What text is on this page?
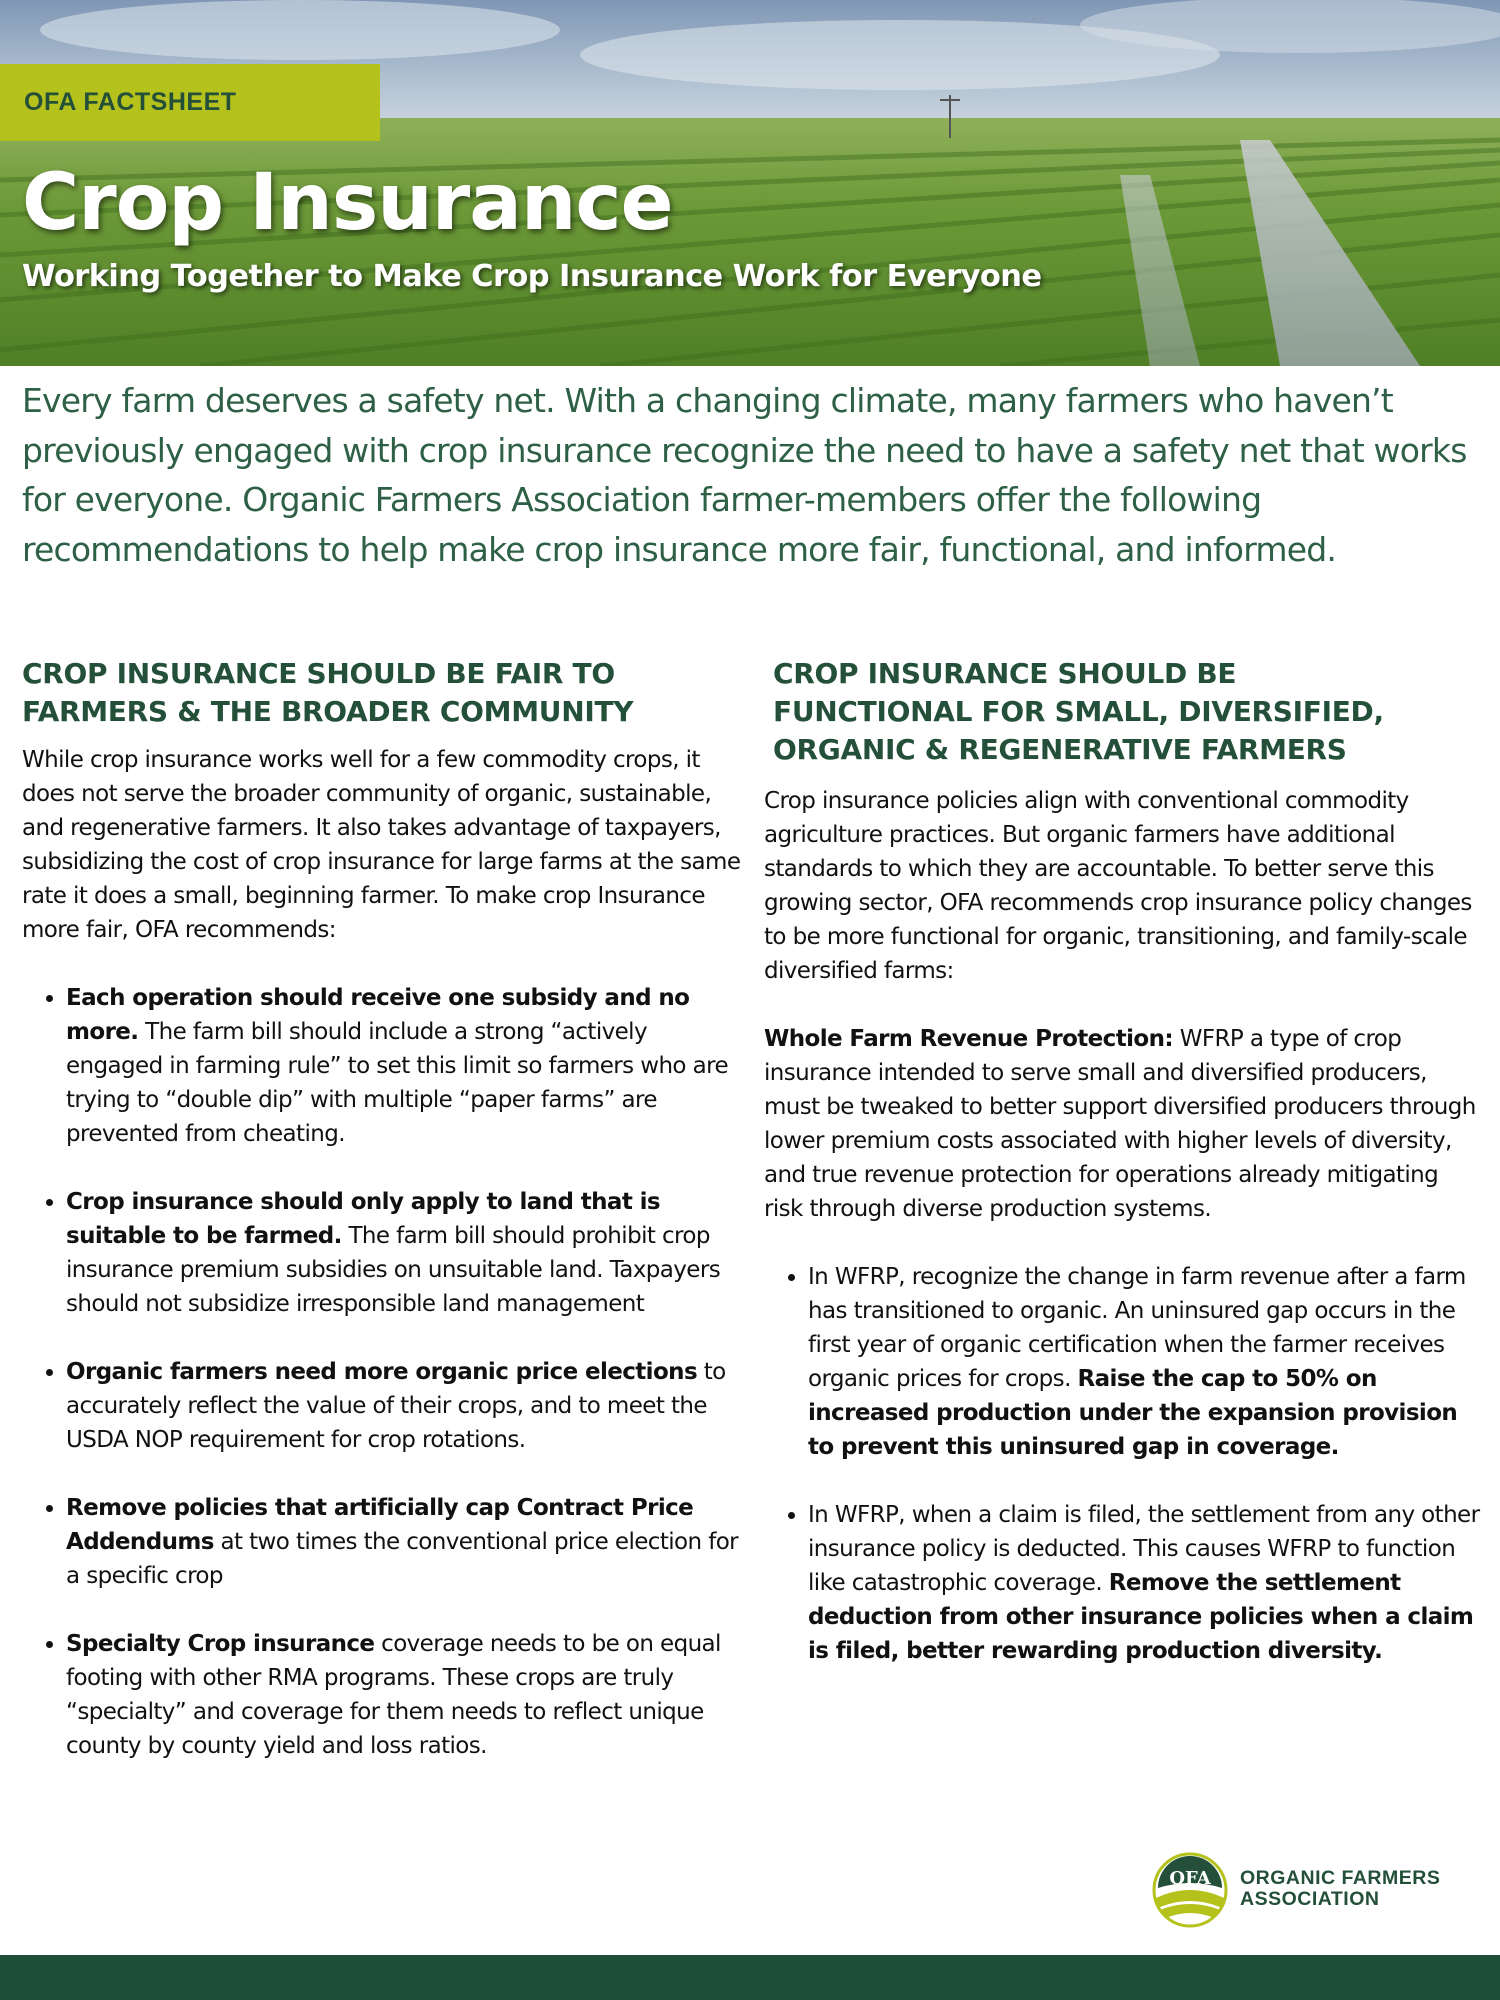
OFA FACTSHEET
Crop Insurance

Working Together to Make Crop Insurance Work for Everyone

Every farm deserves a safety net. With a changing climate, many farmers who haven’t previously engaged with crop insurance recognize the need to have a safety net that works for everyone. Organic Farmers Association farmer-members offer the following recommendations to help make crop insurance more fair, functional, and informed.

CROP INSURANCE SHOULD BE FAIR TO
FARMERS & THE BROADER COMMUNITY

While crop insurance works well for a few commodity crops, it does not serve the broader community of organic, sustainable, and regenerative farmers. It also takes advantage of taxpayers, subsidizing the cost of crop insurance for large farms at the same rate it does a small, beginning farmer. To make crop Insurance more fair, OFA recommends:

• Each operation should receive one subsidy and no more. The farm bill should include a strong “actively engaged in farming rule” to set this limit so farmers who are trying to “double dip” with multiple “paper farms” are prevented from cheating.
• Crop insurance should only apply to land that is suitable to be farmed. The farm bill should prohibit crop insurance premium subsidies on unsuitable land. Taxpayers should not subsidize irresponsible land management
• Organic farmers need more organic price elections to accurately reflect the value of their crops, and to meet the USDA NOP requirement for crop rotations.
• Remove policies that artificially cap Contract Price Addendums at two times the conventional price election for a specific crop
• Specialty Crop insurance coverage needs to be on equal footing with other RMA programs. These crops are truly “specialty” and coverage for them needs to reflect unique county by county yield and loss ratios.
CROP INSURANCE SHOULD BE
FUNCTIONAL FOR SMALL, DIVERSIFIED,
ORGANIC & REGENERATIVE FARMERS

Crop insurance policies align with conventional commodity agriculture practices. But organic farmers have additional standards to which they are accountable. To better serve this growing sector, OFA recommends crop insurance policy changes to be more functional for organic, transitioning, and family-scale diversified farms:

Whole Farm Revenue Protection: WFRP a type of crop insurance intended to serve small and diversified producers, must be tweaked to better support diversified producers through lower premium costs associated with higher levels of diversity, and true revenue protection for operations already mitigating risk through diverse production systems.

• In WFRP, recognize the change in farm revenue after a farm has transitioned to organic. An uninsured gap occurs in the first year of organic certification when the farmer receives organic prices for crops. Raise the cap to 50% on increased production under the expansion provision to prevent this uninsured gap in coverage.
• In WFRP, when a claim is filed, the settlement from any other insurance policy is deducted. This causes WFRP to function like catastrophic coverage. Remove the settlement deduction from other insurance policies when a claim is filed, better rewarding production diversity.
OFA ORGANIC FARMERS
ASSOCIATION
